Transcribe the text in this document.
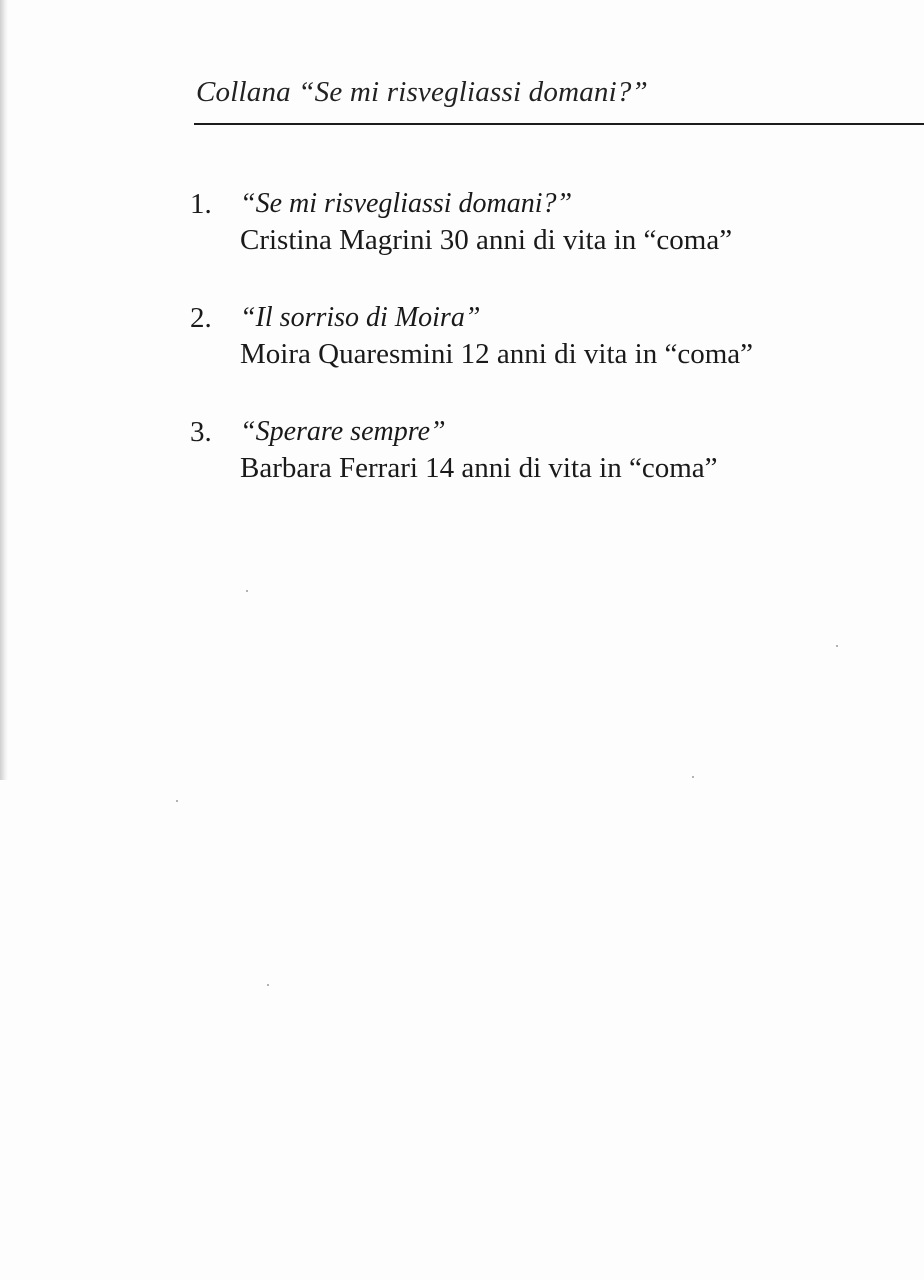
Collana “Se mi risvegliassi domani?”
1. “Se mi risvegliassi domani?”
Cristina Magrini 30 anni di vita in “coma”
2. “Il sorriso di Moira”
Moira Quaresmini 12 anni di vita in “coma”
3. “Sperare sempre”
Barbara Ferrari 14 anni di vita in “coma”
